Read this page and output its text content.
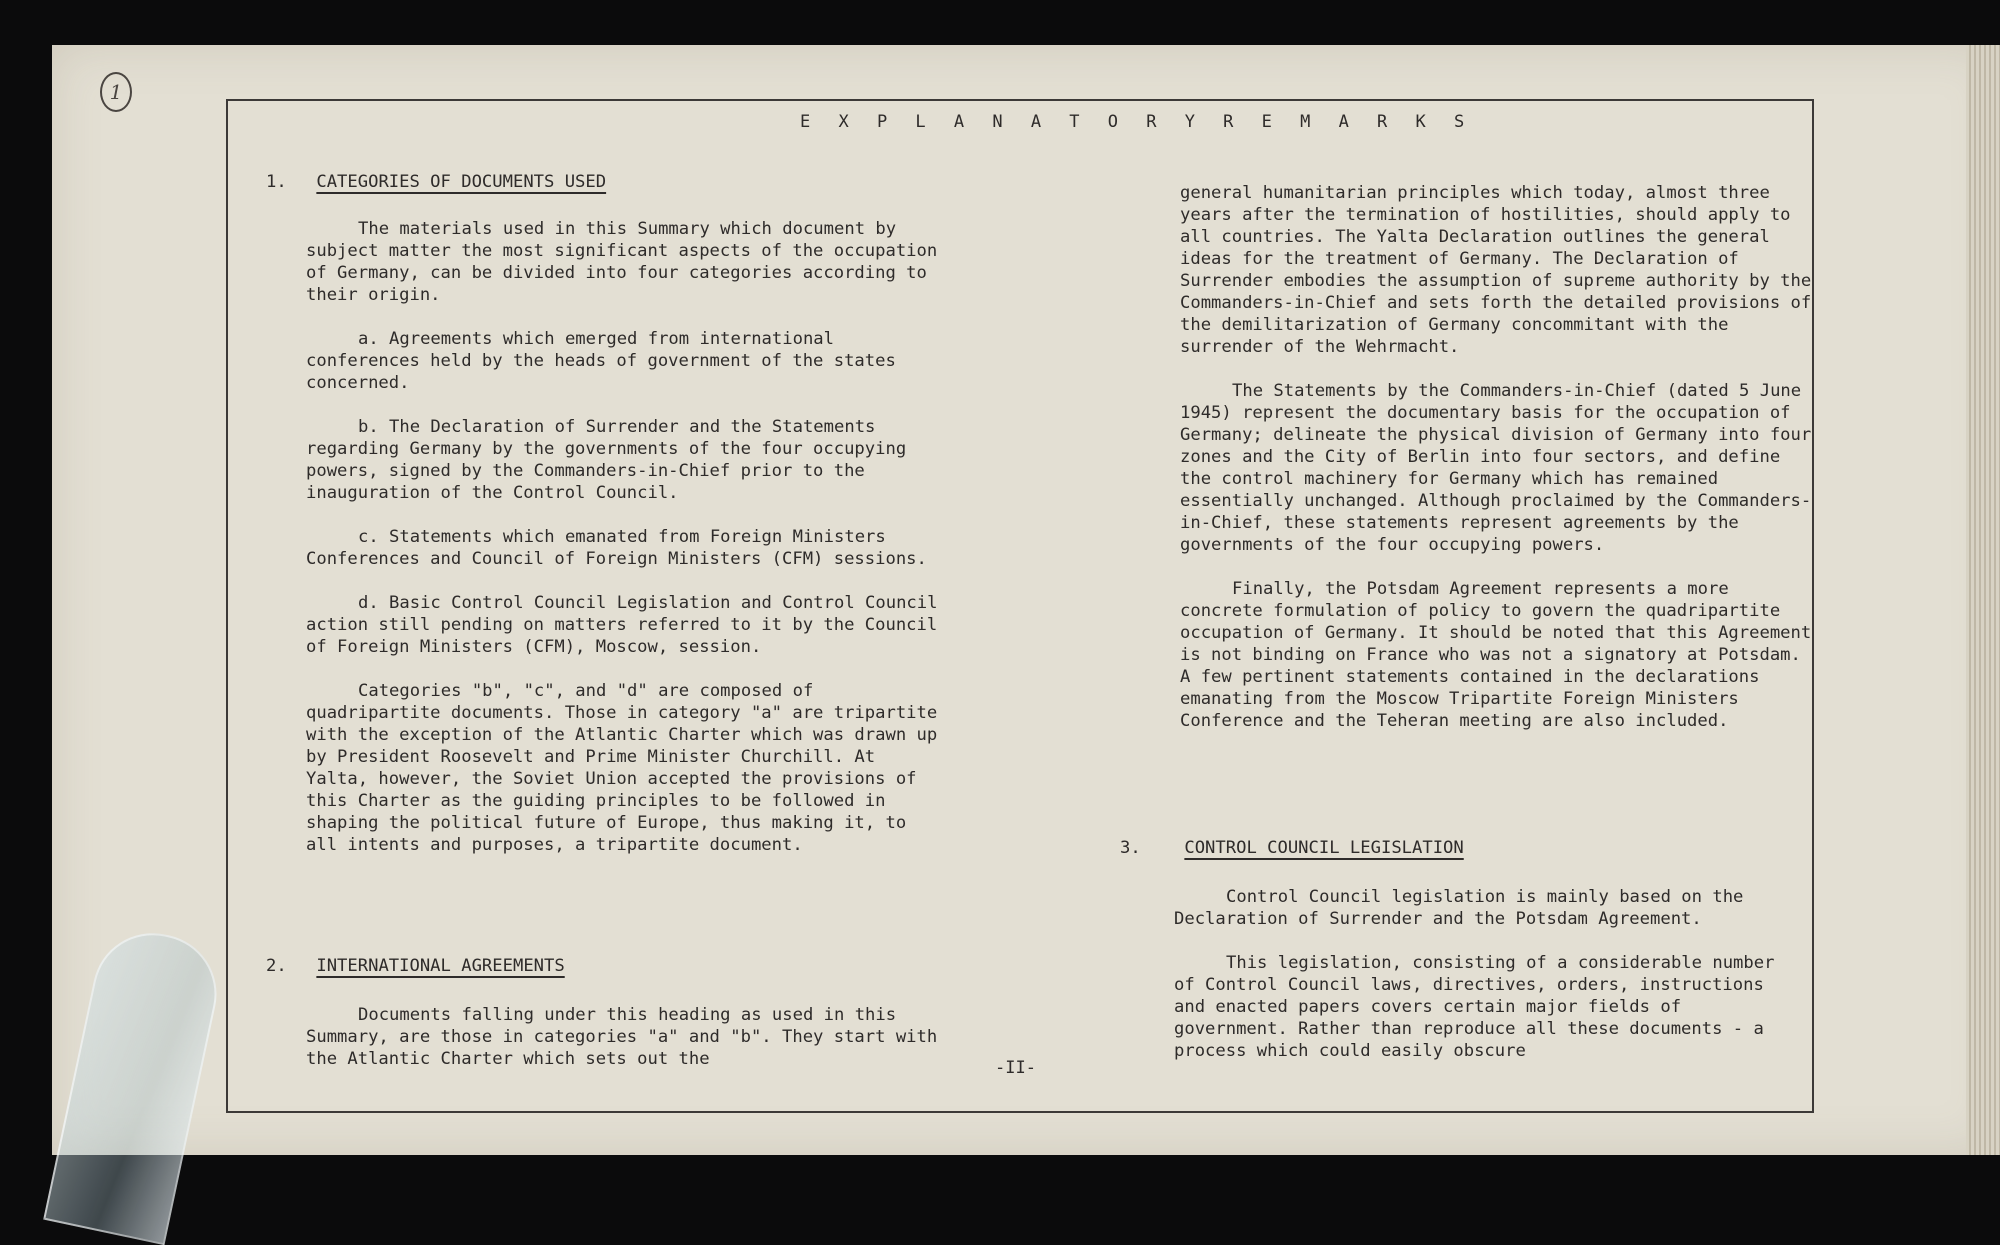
1
E X P L A N A T O R Y R E M A R K S
1. CATEGORIES OF DOCUMENTS USED

The materials used in this Summary which document by subject matter the most significant aspects of the occupation of Germany, can be divided into four categories according to their origin.

a. Agreements which emerged from international conferences held by the heads of government of the states concerned.

b. The Declaration of Surrender and the Statements regarding Germany by the governments of the four occupying powers, signed by the Commanders-in-Chief prior to the inauguration of the Control Council.

c. Statements which emanated from Foreign Ministers Conferences and Council of Foreign Ministers (CFM) sessions.

d. Basic Control Council Legislation and Control Council action still pending on matters referred to it by the Council of Foreign Ministers (CFM), Moscow, session.

Categories "b", "c", and "d" are composed of quadripartite documents. Those in category "a" are tripartite with the exception of the Atlantic Charter which was drawn up by President Roosevelt and Prime Minister Churchill. At Yalta, however, the Soviet Union accepted the provisions of this Charter as the guiding principles to be followed in shaping the political future of Europe, thus making it, to all intents and purposes, a tripartite document.

2. INTERNATIONAL AGREEMENTS

Documents falling under this heading as used in this Summary, are those in categories "a" and "b". They start with the Atlantic Charter which sets out the

general humanitarian principles which today, almost three years after the termination of hostilities, should apply to all countries. The Yalta Declaration outlines the general ideas for the treatment of Germany. The Declaration of Surrender embodies the assumption of supreme authority by the Commanders-in-Chief and sets forth the detailed provisions of the demilitarization of Germany concommitant with the surrender of the Wehrmacht.

The Statements by the Commanders-in-Chief (dated 5 June 1945) represent the documentary basis for the occupation of Germany; delineate the physical division of Germany into four zones and the City of Berlin into four sectors, and define the control machinery for Germany which has remained essentially unchanged. Although proclaimed by the Commanders-in-Chief, these statements represent agreements by the governments of the four occupying powers.

Finally, the Potsdam Agreement represents a more concrete formulation of policy to govern the quadripartite occupation of Germany. It should be noted that this Agreement is not binding on France who was not a signatory at Potsdam. A few pertinent statements contained in the declarations emanating from the Moscow Tripartite Foreign Ministers Conference and the Teheran meeting are also included.

3.	CONTROL COUNCIL LEGISLATION

Control Council legislation is mainly based on the Declaration of Surrender and the Potsdam Agreement.

This legislation, consisting of a considerable number of Control Council laws, directives, orders, instructions and enacted papers covers certain major fields of government. Rather than reproduce all these documents - a process which could easily obscure

-II-
